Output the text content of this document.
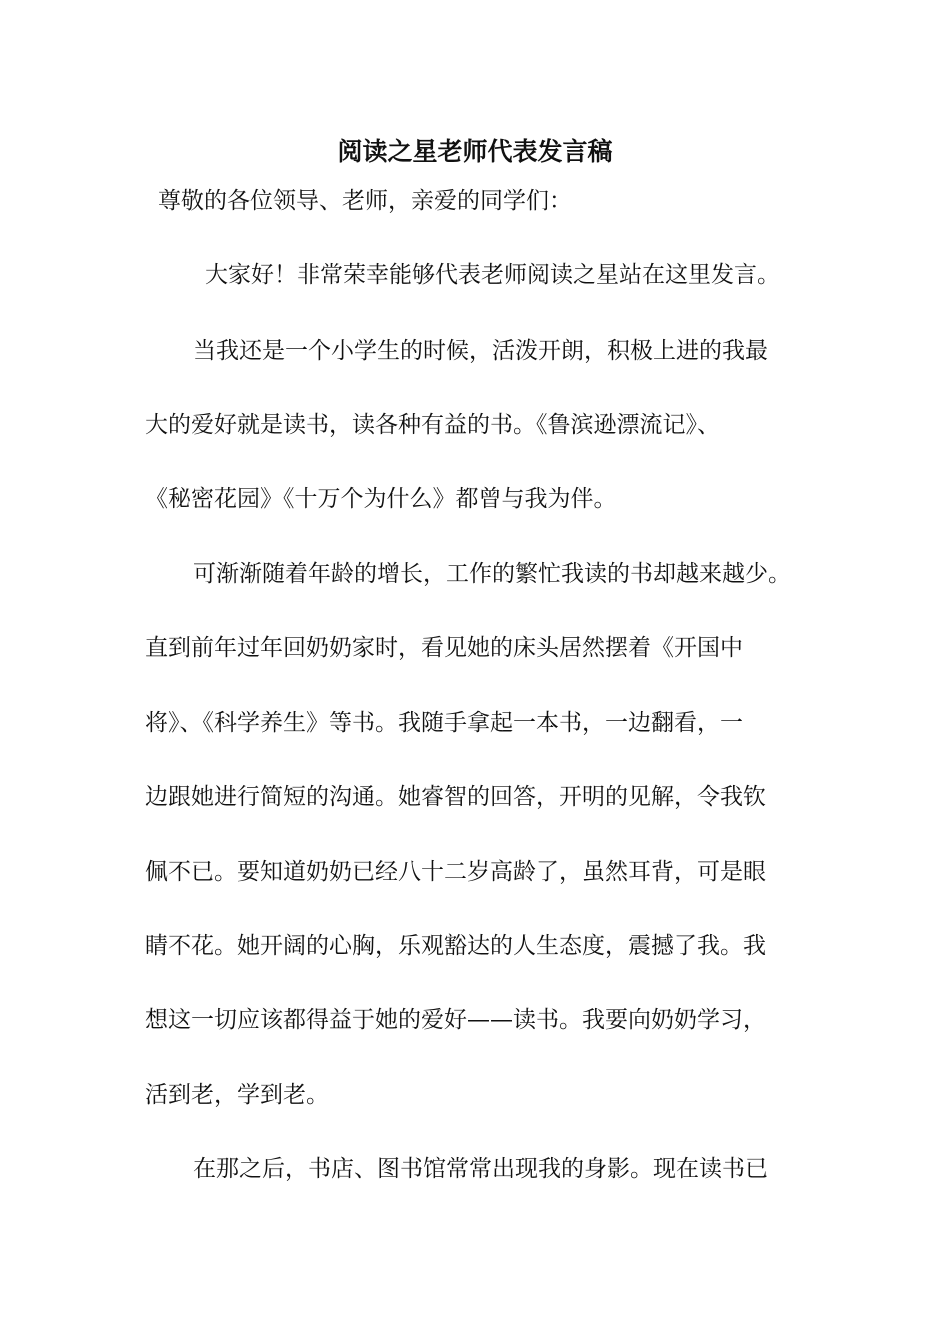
阅读之星老师代表发言稿

尊敬的各位领导、老师，亲爱的同学们：

大家好！非常荣幸能够代表老师阅读之星站在这里发言。

当我还是一个小学生的时候，活泼开朗，积极上进的我最

大的爱好就是读书，读各种有益的书。《鲁滨逊漂流记》、

《秘密花园》《十万个为什么》都曾与我为伴。

可渐渐随着年龄的增长，工作的繁忙我读的书却越来越少。

直到前年过年回奶奶家时，看见她的床头居然摆着《开国中

将》、《科学养生》等书。我随手拿起一本书，一边翻看，一

边跟她进行简短的沟通。她睿智的回答，开明的见解，令我钦

佩不已。要知道奶奶已经八十二岁高龄了，虽然耳背，可是眼

睛不花。她开阔的心胸，乐观豁达的人生态度，震撼了我。我

想这一切应该都得益于她的爱好——读书。我要向奶奶学习，

活到老，学到老。

在那之后，书店、图书馆常常出现我的身影。现在读书已
